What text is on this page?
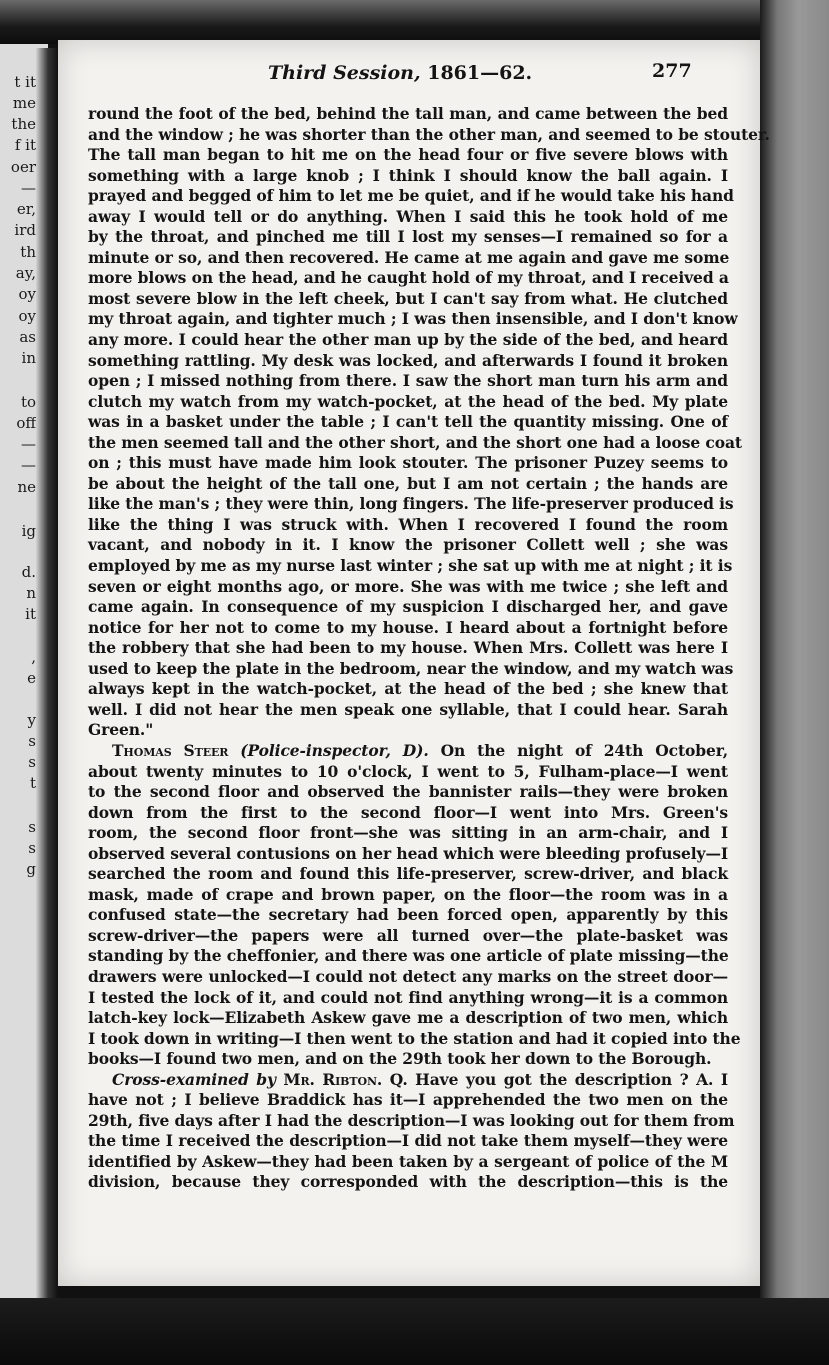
t it
me
the
f it
oer
—
er,
ird
th
ay,
oy
oy
as
in
to
off
—
—
ne
ig
d.
n
it
,
e
y
s
s
t
s
s
g
Third Session, 1861—62.	277
round the foot of the bed, behind the tall man, and came between the bed
and the window ; he was shorter than the other man, and seemed to be stouter.
The tall man began to hit me on the head four or five severe blows with
something with a large knob ; I think I should know the ball again. I
prayed and begged of him to let me be quiet, and if he would take his hand
away I would tell or do anything. When I said this he took hold of me
by the throat, and pinched me till I lost my senses—I remained so for a
minute or so, and then recovered. He came at me again and gave me some
more blows on the head, and he caught hold of my throat, and I received a
most severe blow in the left cheek, but I can't say from what. He clutched
my throat again, and tighter much ; I was then insensible, and I don't know
any more. I could hear the other man up by the side of the bed, and heard
something rattling. My desk was locked, and afterwards I found it broken
open ; I missed nothing from there. I saw the short man turn his arm and
clutch my watch from my watch-pocket, at the head of the bed. My plate
was in a basket under the table ; I can't tell the quantity missing. One of
the men seemed tall and the other short, and the short one had a loose coat
on ; this must have made him look stouter. The prisoner Puzey seems to
be about the height of the tall one, but I am not certain ; the hands are
like the man's ; they were thin, long fingers. The life-preserver produced is
like the thing I was struck with. When I recovered I found the room
vacant, and nobody in it. I know the prisoner Collett well ; she was
employed by me as my nurse last winter ; she sat up with me at night ; it is
seven or eight months ago, or more. She was with me twice ; she left and
came again. In consequence of my suspicion I discharged her, and gave
notice for her not to come to my house. I heard about a fortnight before
the robbery that she had been to my house. When Mrs. Collett was here I
used to keep the plate in the bedroom, near the window, and my watch was
always kept in the watch-pocket, at the head of the bed ; she knew that
well. I did not hear the men speak one syllable, that I could hear. Sarah
Green."
Thomas Steer (Police-inspector, D). On the night of 24th October,
about twenty minutes to 10 o'clock, I went to 5, Fulham-place—I went
to the second floor and observed the bannister rails—they were broken
down from the first to the second floor—I went into Mrs. Green's
room, the second floor front—she was sitting in an arm-chair, and I
observed several contusions on her head which were bleeding profusely—I
searched the room and found this life-preserver, screw-driver, and black
mask, made of crape and brown paper, on the floor—the room was in a
confused state—the secretary had been forced open, apparently by this
screw-driver—the papers were all turned over—the plate-basket was
standing by the cheffonier, and there was one article of plate missing—the
drawers were unlocked—I could not detect any marks on the street door—
I tested the lock of it, and could not find anything wrong—it is a common
latch-key lock—Elizabeth Askew gave me a description of two men, which
I took down in writing—I then went to the station and had it copied into the
books—I found two men, and on the 29th took her down to the Borough.
Cross-examined by Mr. Ribton. Q. Have you got the description ? A. I
have not ; I believe Braddick has it—I apprehended the two men on the
29th, five days after I had the description—I was looking out for them from
the time I received the description—I did not take them myself—they were
identified by Askew—they had been taken by a sergeant of police of the M
division, because they corresponded with the description—this is the
